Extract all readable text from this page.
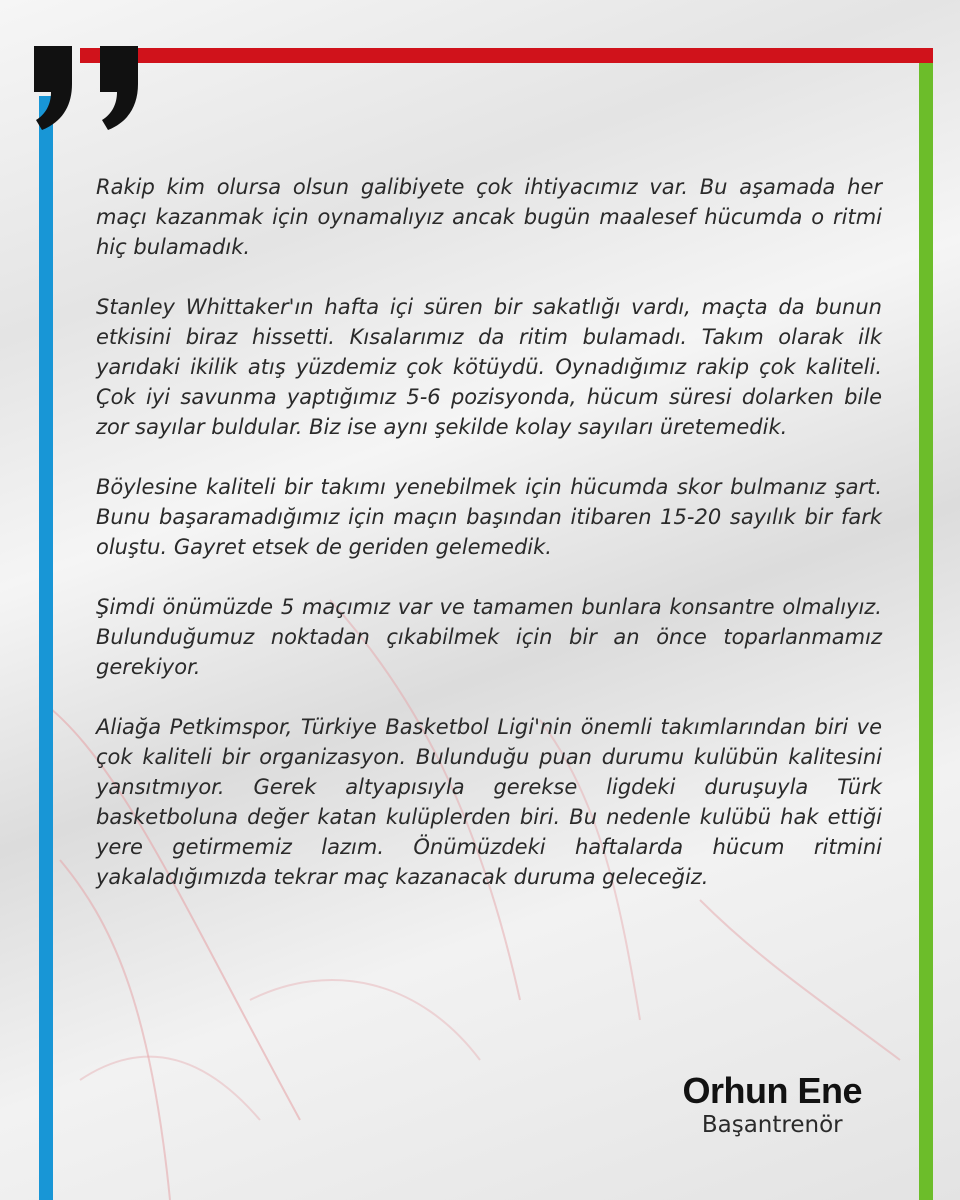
Rakip kim olursa olsun galibiyete çok ihtiyacımız var. Bu aşamada her maçı kazanmak için oynamalıyız ancak bugün maalesef hücumda o ritmi hiç bulamadık.

Stanley Whittaker'ın hafta içi süren bir sakatlığı vardı, maçta da bunun etkisini biraz hissetti. Kısalarımız da ritim bulamadı. Takım olarak ilk yarıdaki ikilik atış yüzdemiz çok kötüydü. Oynadığımız rakip çok kaliteli. Çok iyi savunma yaptığımız 5-6 pozisyonda, hücum süresi dolarken bile zor sayılar buldular. Biz ise aynı şekilde kolay sayıları üretemedik.

Böylesine kaliteli bir takımı yenebilmek için hücumda skor bulmanız şart. Bunu başaramadığımız için maçın başından itibaren 15-20 sayılık bir fark oluştu. Gayret etsek de geriden gelemedik.

Şimdi önümüzde 5 maçımız var ve tamamen bunlara konsantre olmalıyız. Bulunduğumuz noktadan çıkabilmek için bir an önce toparlanmamız gerekiyor.

Aliağa Petkimspor, Türkiye Basketbol Ligi'nin önemli takımlarından biri ve çok kaliteli bir organizasyon. Bulunduğu puan durumu kulübün kalitesini yansıtmıyor. Gerek altyapısıyla gerekse ligdeki duruşuyla Türk basketboluna değer katan kulüplerden biri. Bu nedenle kulübü hak ettiği yere getirmemiz lazım. Önümüzdeki haftalarda hücum ritmini yakaladığımızda tekrar maç kazanacak duruma geleceğiz.

Orhun Ene
Başantrenör
